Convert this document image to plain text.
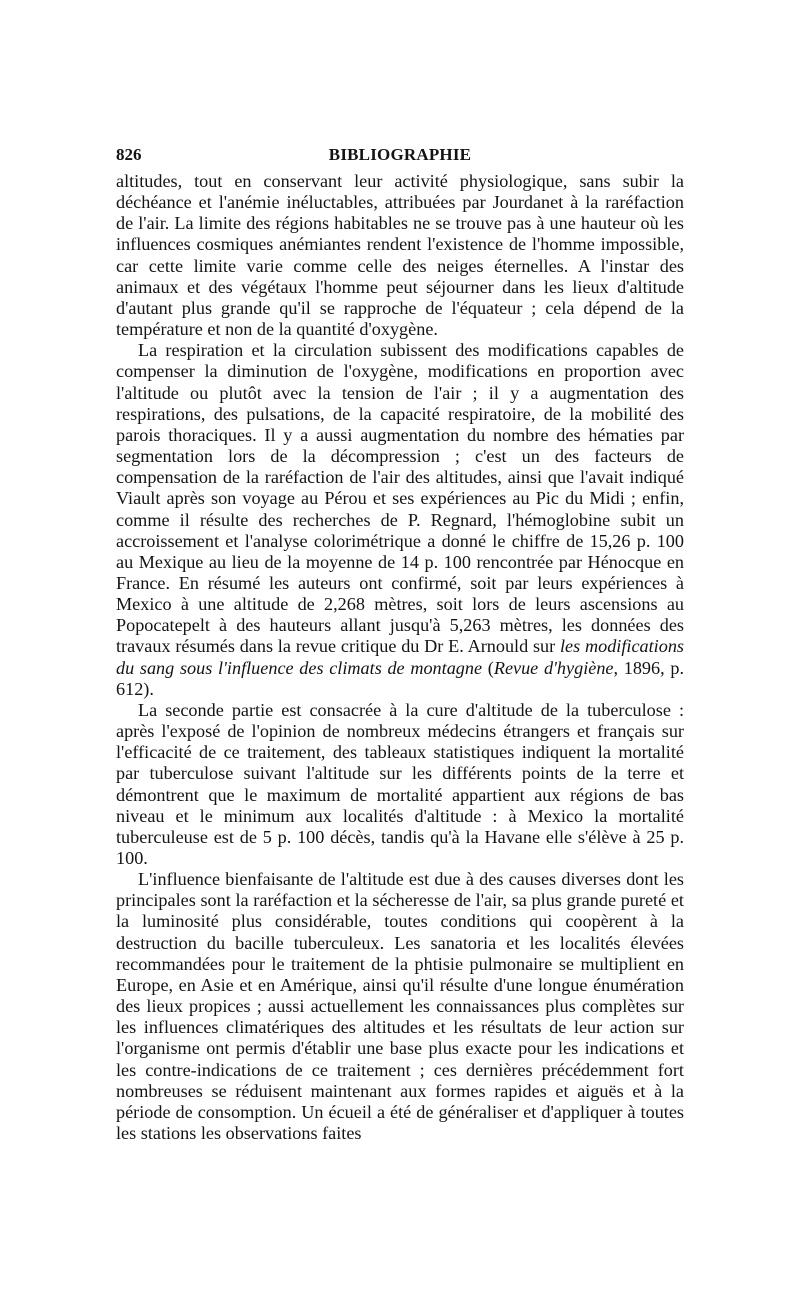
826	BIBLIOGRAPHIE

altitudes, tout en conservant leur activité physiologique, sans subir la déchéance et l'anémie inéluctables, attribuées par Jourdanet à la raréfaction de l'air. La limite des régions habitables ne se trouve pas à une hauteur où les influences cosmiques anémiantes rendent l'existence de l'homme impossible, car cette limite varie comme celle des neiges éternelles. A l'instar des animaux et des végétaux l'homme peut séjourner dans les lieux d'altitude d'autant plus grande qu'il se rapproche de l'équateur ; cela dépend de la température et non de la quantité d'oxygène.

La respiration et la circulation subissent des modifications capables de compenser la diminution de l'oxygène, modifications en proportion avec l'altitude ou plutôt avec la tension de l'air ; il y a augmentation des respirations, des pulsations, de la capacité respiratoire, de la mobilité des parois thoraciques. Il y a aussi augmentation du nombre des hématies par segmentation lors de la décompression ; c'est un des facteurs de compensation de la raréfaction de l'air des altitudes, ainsi que l'avait indiqué Viault après son voyage au Pérou et ses expériences au Pic du Midi ; enfin, comme il résulte des recherches de P. Regnard, l'hémoglobine subit un accroissement et l'analyse colorimétrique a donné le chiffre de 15,26 p. 100 au Mexique au lieu de la moyenne de 14 p. 100 rencontrée par Hénocque en France. En résumé les auteurs ont confirmé, soit par leurs expériences à Mexico à une altitude de 2,268 mètres, soit lors de leurs ascensions au Popocatepelt à des hauteurs allant jusqu'à 5,263 mètres, les données des travaux résumés dans la revue critique du Dr E. Arnould sur les modifications du sang sous l'influence des climats de montagne (Revue d'hygiène, 1896, p. 612).

La seconde partie est consacrée à la cure d'altitude de la tuberculose : après l'exposé de l'opinion de nombreux médecins étrangers et français sur l'efficacité de ce traitement, des tableaux statistiques indiquent la mortalité par tuberculose suivant l'altitude sur les différents points de la terre et démontrent que le maximum de mortalité appartient aux régions de bas niveau et le minimum aux localités d'altitude : à Mexico la mortalité tuberculeuse est de 5 p. 100 décès, tandis qu'à la Havane elle s'élève à 25 p. 100.

L'influence bienfaisante de l'altitude est due à des causes diverses dont les principales sont la raréfaction et la sécheresse de l'air, sa plus grande pureté et la luminosité plus considérable, toutes conditions qui coopèrent à la destruction du bacille tuberculeux. Les sanatoria et les localités élevées recommandées pour le traitement de la phtisie pulmonaire se multiplient en Europe, en Asie et en Amérique, ainsi qu'il résulte d'une longue énumération des lieux propices ; aussi actuellement les connaissances plus complètes sur les influences climatériques des altitudes et les résultats de leur action sur l'organisme ont permis d'établir une base plus exacte pour les indications et les contre-indications de ce traitement ; ces dernières précédemment fort nombreuses se réduisent maintenant aux formes rapides et aiguës et à la période de consomption. Un écueil a été de généraliser et d'appliquer à toutes les stations les observations faites
